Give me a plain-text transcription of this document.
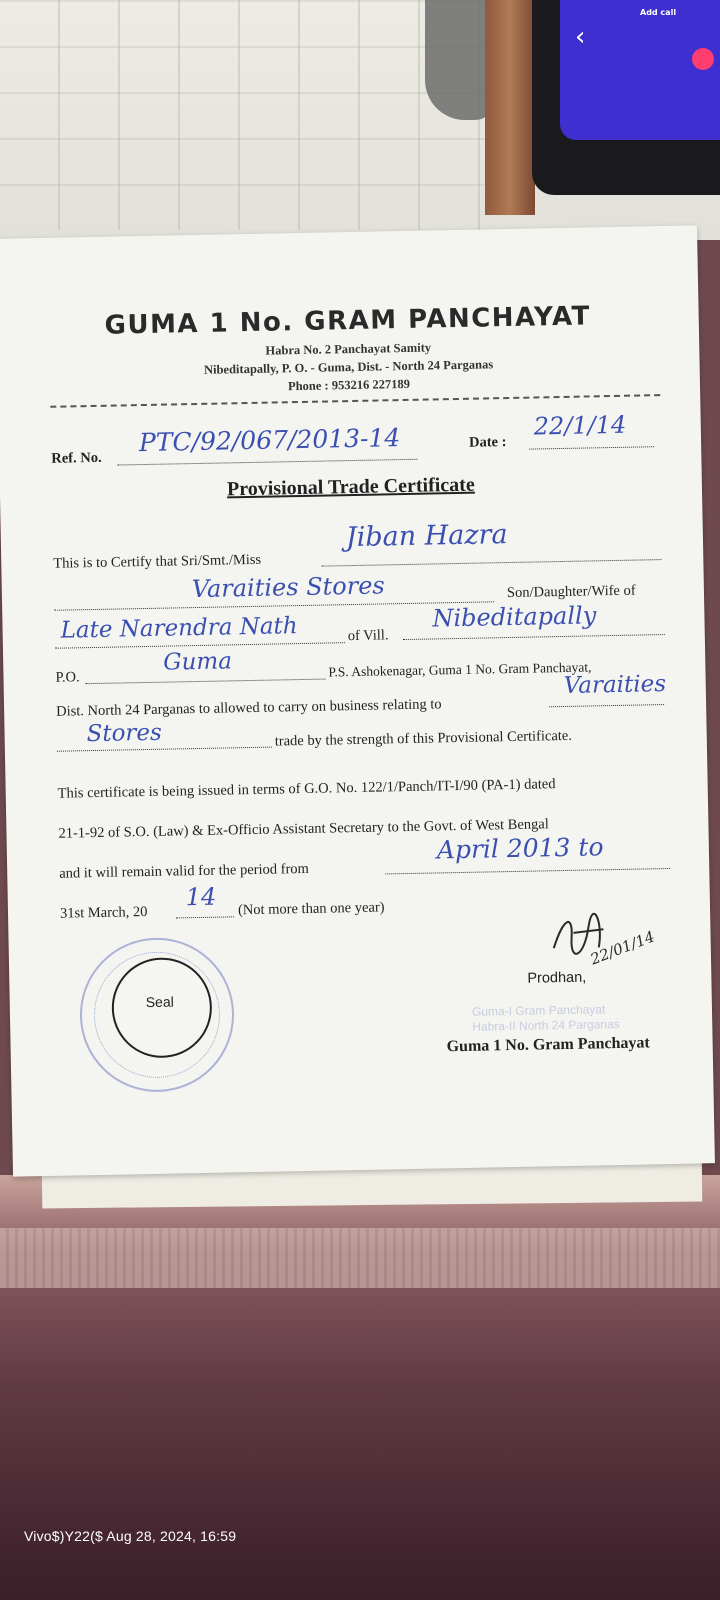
‹
Add call
GUMA 1 No. GRAM PANCHAYAT
Habra No. 2 Panchayat Samity
Nibeditapally, P. O. - Guma, Dist. - North 24 Parganas
Phone : 953216 227189
Ref. No.
PTC/92/067/2013-14	Date :
22/1/14
Provisional Trade Certificate
This is to Certify that Sri/Smt./Miss
Jiban Hazra
Varaities Stores	Son/Daughter/Wife of
Late Narendra Nath	of Vill.
Nibeditapally
P.O.
Guma	P.S. Ashokenagar, Guma 1 No. Gram Panchayat,
Dist. North 24 Parganas to allowed to carry on business relating to
Varaities
Stores	trade by the strength of this Provisional Certificate.
This certificate is being issued in terms of G.O. No. 122/1/Panch/IT-I/90 (PA-1) dated
21-1-92 of S.O. (Law) & Ex-Officio Assistant Secretary to the Govt. of West Bengal
and it will remain valid for the period from
April 2013 to
31st March, 20
14 (Not more than one year)
Seal
22/01/14
Prodhan,
Guma-I Gram Panchayat
Habra-II North 24 Parganas
Guma 1 No. Gram Panchayat
Vivo$)Y22($ Aug 28, 2024, 16:59
